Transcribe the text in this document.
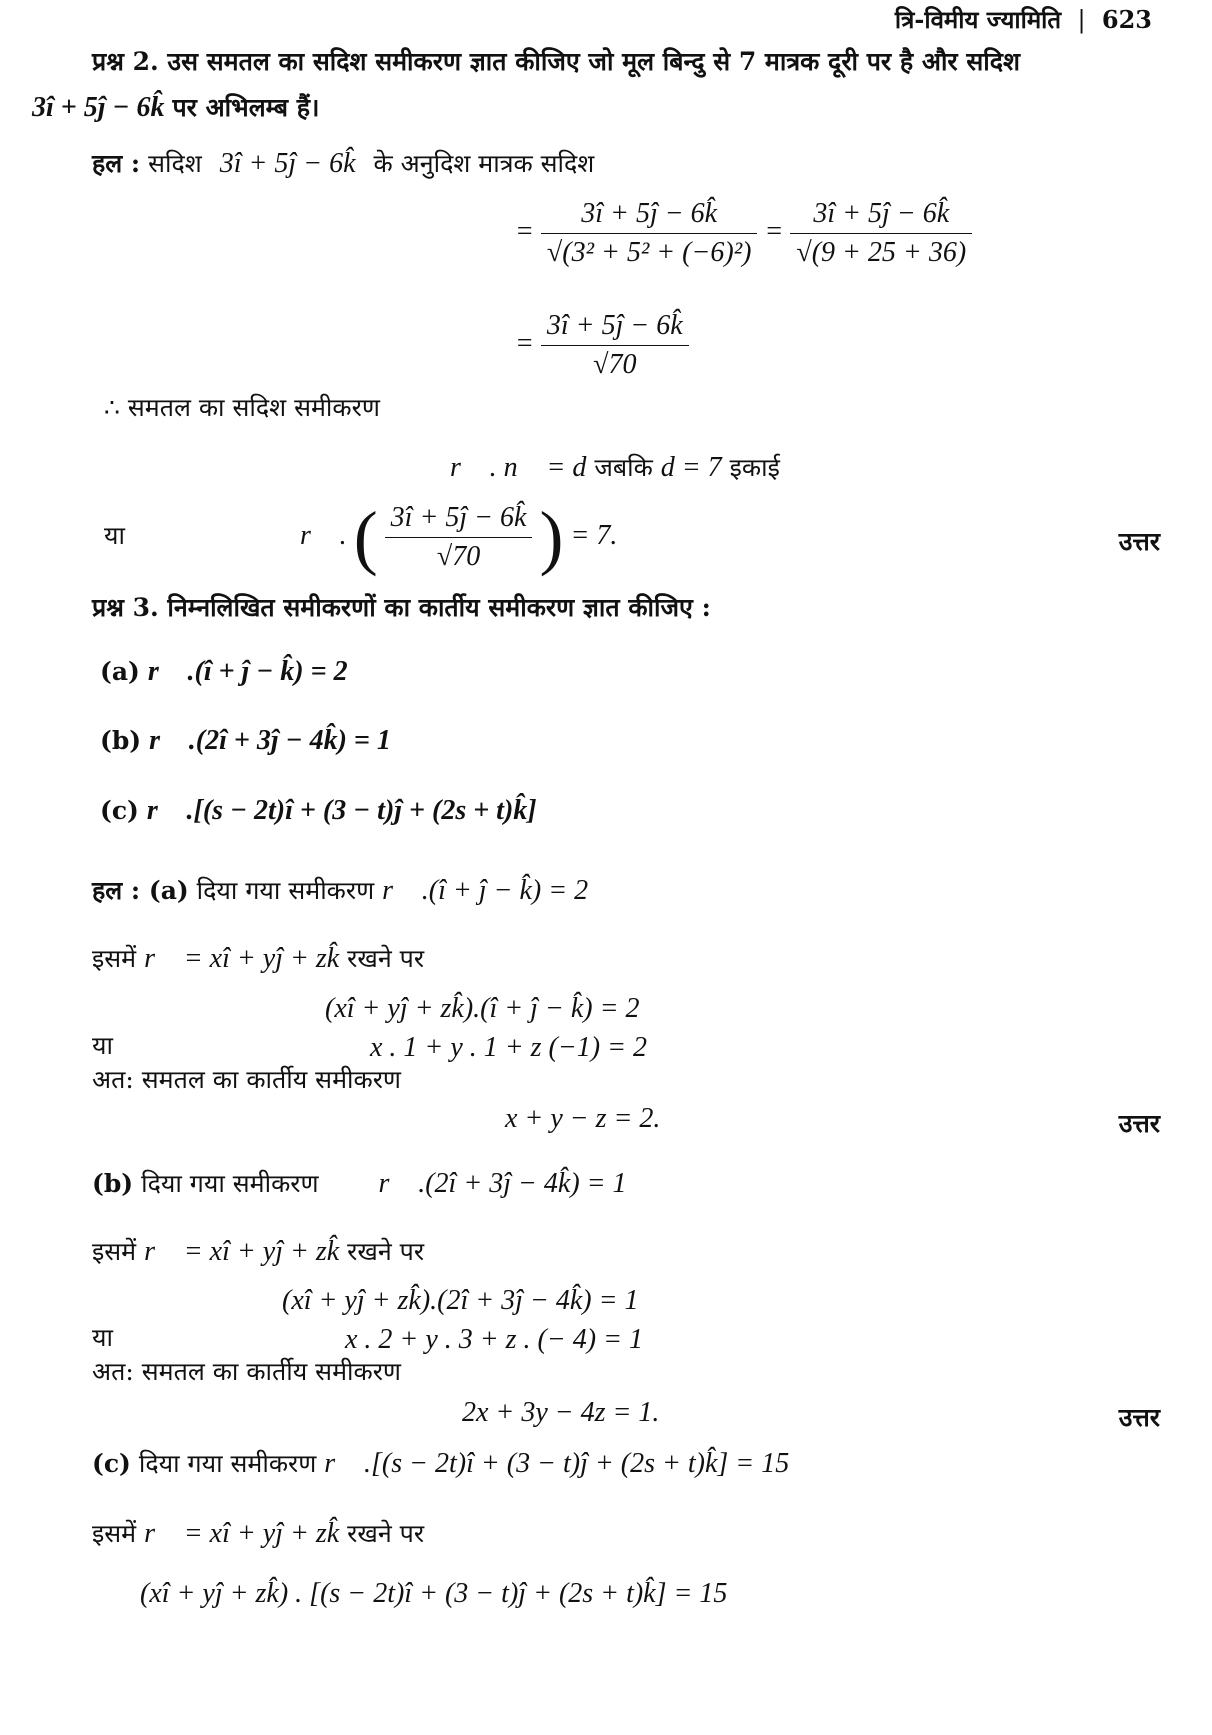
त्रि-विमीय ज्यामिति | 623
प्रश्न 2. उस समतल का सदिश समीकरण ज्ञात कीजिए जो मूल बिन्दु से 7 मात्रक दूरी पर है और सदिश
3î + 5ĵ − 6k̂ पर अभिलम्ब हैं।
हल : सदिश 3î + 5ĵ − 6k̂ के अनुदिश मात्रक सदिश
= $\frac{3î + 5ĵ - 6k̂}{\text{√(3² + 5² + (−6)²)}} = \frac{3î + 5ĵ - 6k̂}{√(9 + 25 + 36)}$
= $\frac{3î + 5ĵ - 6k̂}{√70}$
∴ समतल का सदिश समीकरण
r⃗ . n⃗ = d जबकि d = 7 इकाई
या	r⃗ . ( $\frac{3î + 5ĵ - 6k̂}{√70}$ ) = 7.	उत्तर
प्रश्न 3. निम्नलिखित समीकरणों का कार्तीय समीकरण ज्ञात कीजिए :
(a) r⃗ .(î + ĵ − k̂) = 2
(b) r⃗ .(2î + 3ĵ − 4k̂) = 1
(c) r⃗ .[(s − 2t)î + (3 − t)ĵ + (2s + t)k̂]
हल : (a) दिया गया समीकरण r⃗ .(î + ĵ − k̂) = 2
इसमें r⃗ = xî + yĵ + zk̂ रखने पर
(xî + yĵ + zk̂).(î + ĵ − k̂) = 2
या	x . 1 + y . 1 + z (−1) = 2
अत: समतल का कार्तीय समीकरण
x + y − z = 2.	उत्तर
(b) दिया गया समीकरण r⃗ .(2î + 3ĵ − 4k̂) = 1
इसमें r⃗ = xî + yĵ + zk̂ रखने पर
(xî + yĵ + zk̂).(2î + 3ĵ − 4k̂) = 1
या	x . 2 + y . 3 + z . (− 4) = 1
अत: समतल का कार्तीय समीकरण
2x + 3y − 4z = 1.	उत्तर
(c) दिया गया समीकरण r⃗ .[(s − 2t)î + (3 − t)ĵ + (2s + t)k̂] = 15
इसमें r⃗ = xî + yĵ + zk̂ रखने पर
(xî + yĵ + zk̂) . [(s − 2t)î + (3 − t)ĵ + (2s + t)k̂] = 15
